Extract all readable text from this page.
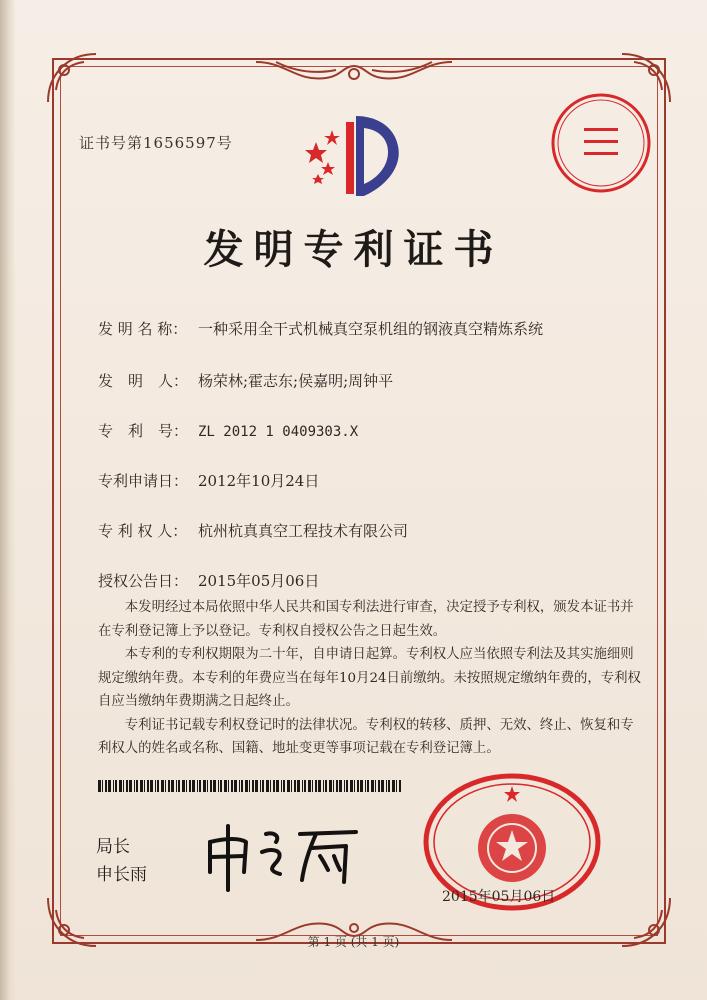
证书号第1656597号
发明专利证书
发 明 名 称： 一种采用全干式机械真空泵机组的钢液真空精炼系统
发　明　人： 杨荣林;霍志东;侯嘉明;周钟平
专　利　号： ZL 2012 1 0409303.X
专利申请日： 2012年10月24日
专 利 权 人： 杭州杭真真空工程技术有限公司
授权公告日： 2015年05月06日

本发明经过本局依照中华人民共和国专利法进行审查，决定授予专利权，颁发本证书并在专利登记簿上予以登记。专利权自授权公告之日起生效。

本专利的专利权期限为二十年，自申请日起算。专利权人应当依照专利法及其实施细则规定缴纳年费。本专利的年费应当在每年10月24日前缴纳。未按照规定缴纳年费的，专利权自应当缴纳年费期满之日起终止。

专利证书记载专利权登记时的法律状况。专利权的转移、质押、无效、终止、恢复和专利权人的姓名或名称、国籍、地址变更等事项记载在专利登记簿上。

局长
申长雨
2015年05月06日
第 1 页 (共 1 页)
